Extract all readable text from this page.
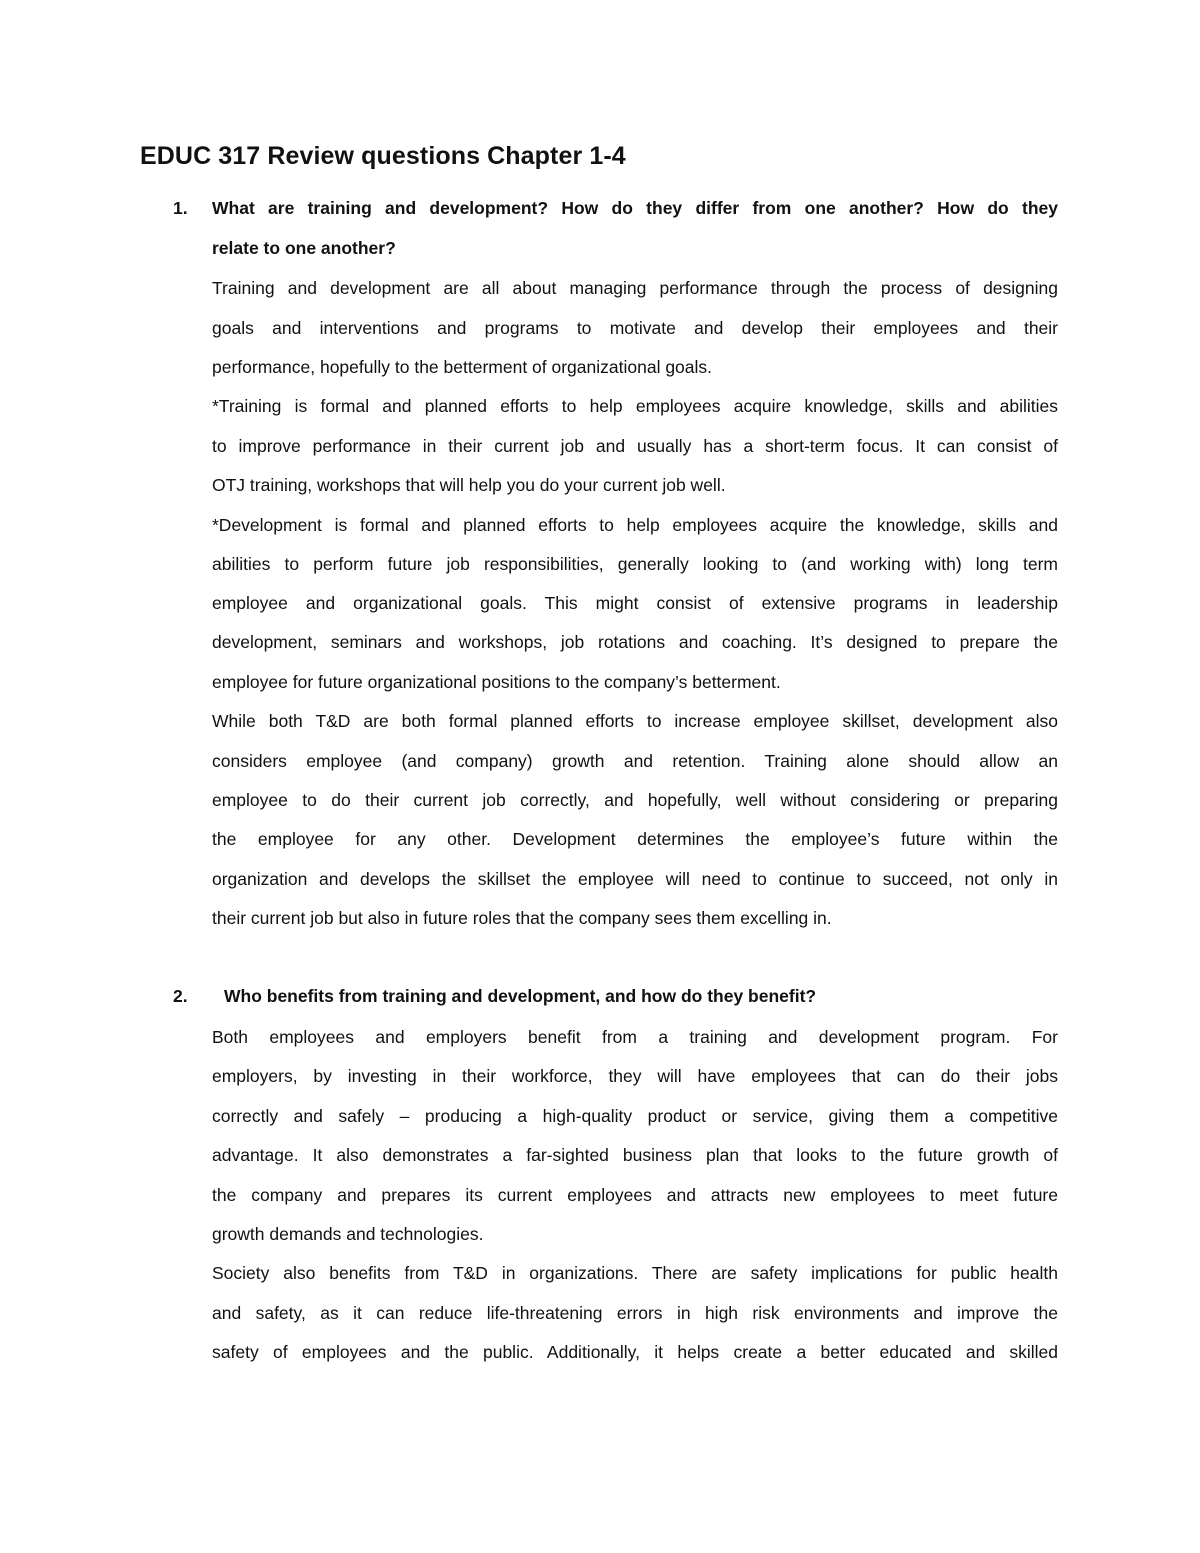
EDUC 317 Review questions Chapter 1-4
1. What are training and development? How do they differ from one another? How do they
relate to one another?
Training and development are all about managing performance through the process of designing
goals and interventions and programs to motivate and develop their employees and their
performance, hopefully to the betterment of organizational goals.
*Training is formal and planned efforts to help employees acquire knowledge, skills and abilities
to improve performance in their current job and usually has a short-term focus. It can consist of
OTJ training, workshops that will help you do your current job well.
*Development is formal and planned efforts to help employees acquire the knowledge, skills and
abilities to perform future job responsibilities, generally looking to (and working with) long term
employee and organizational goals. This might consist of extensive programs in leadership
development, seminars and workshops, job rotations and coaching. It’s designed to prepare the
employee for future organizational positions to the company’s betterment.
While both T&D are both formal planned efforts to increase employee skillset, development also
considers employee (and company) growth and retention. Training alone should allow an
employee to do their current job correctly, and hopefully, well without considering or preparing
the employee for any other. Development determines the employee’s future within the
organization and develops the skillset the employee will need to continue to succeed, not only in
their current job but also in future roles that the company sees them excelling in.
2. Who benefits from training and development, and how do they benefit?
Both employees and employers benefit from a training and development program. For
employers, by investing in their workforce, they will have employees that can do their jobs
correctly and safely – producing a high-quality product or service, giving them a competitive
advantage. It also demonstrates a far-sighted business plan that looks to the future growth of
the company and prepares its current employees and attracts new employees to meet future
growth demands and technologies.
Society also benefits from T&D in organizations. There are safety implications for public health
and safety, as it can reduce life-threatening errors in high risk environments and improve the
safety of employees and the public. Additionally, it helps create a better educated and skilled
